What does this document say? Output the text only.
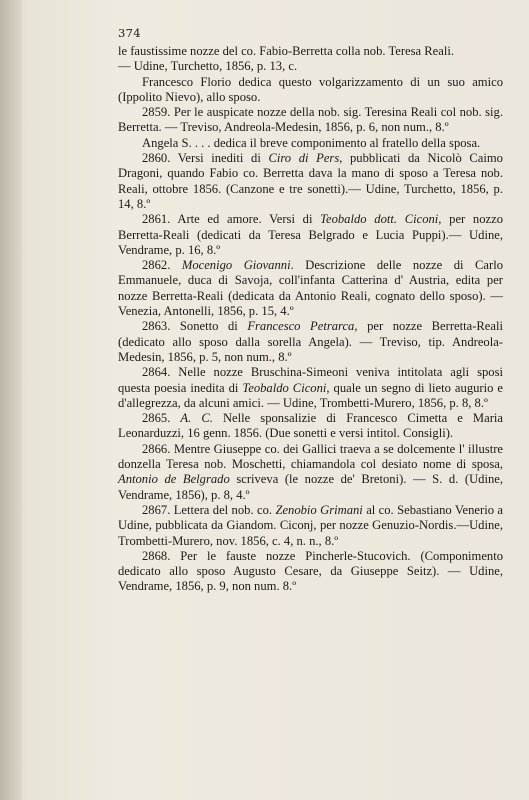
374

le faustissime nozze del co. Fabio-Berretta colla nob. Teresa Reali.

— Udine, Turchetto, 1856, p. 13, c.

Francesco Florio dedica questo volgarizzamento di un suo amico (Ippolito Nievo), allo sposo.

2859. Per le auspicate nozze della nob. sig. Teresina Reali col nob. sig. Berretta. — Treviso, Andreola-Medesin, 1856, p. 6, non num., 8.º

Angela S. . . . dedica il breve componimento al fratello della sposa.

2860. Versi inediti di Ciro di Pers, pubblicati da Nicolò Caimo Dragoni, quando Fabio co. Berretta dava la mano di sposo a Teresa nob. Reali, ottobre 1856. (Canzone e tre sonetti).— Udine, Turchetto, 1856, p. 14, 8.º

2861. Arte ed amore. Versi di Teobaldo dott. Ciconi, per nozzo Berretta-Reali (dedicati da Teresa Belgrado e Lucia Puppi).— Udine, Vendrame, p. 16, 8.º

2862. Mocenigo Giovanni. Descrizione delle nozze di Carlo Emmanuele, duca di Savoja, coll'infanta Catterina d' Austria, edita per nozze Berretta-Reali (dedicata da Antonio Reali, cognato dello sposo). — Venezia, Antonelli, 1856, p. 15, 4.º

2863. Sonetto di Francesco Petrarca, per nozze Berretta-Reali (dedicato allo sposo dalla sorella Angela). — Treviso, tip. Andreola-Medesin, 1856, p. 5, non num., 8.º

2864. Nelle nozze Bruschina-Simeoni veniva intitolata agli sposi questa poesia inedita di Teobaldo Ciconi, quale un segno di lieto augurio e d'allegrezza, da alcuni amici. — Udine, Trombetti-Murero, 1856, p. 8, 8.º

2865. A. C. Nelle sponsalizie di Francesco Cimetta e Maria Leonarduzzi, 16 genn. 1856. (Due sonetti e versi intitol. Consigli).

2866. Mentre Giuseppe co. dei Gallici traeva a se dolcemente l' illustre donzella Teresa nob. Moschetti, chiamandola col desiato nome di sposa, Antonio de Belgrado scriveva (le nozze de' Bretoni). — S. d. (Udine, Vendrame, 1856), p. 8, 4.º

2867. Lettera del nob. co. Zenobio Grimani al co. Sebastiano Venerio a Udine, pubblicata da Giandom. Ciconj, per nozze Genuzio-Nordis.—Udine, Trombetti-Murero, nov. 1856, c. 4, n. n., 8.º

2868. Per le fauste nozze Pincherle-Stucovich. (Componimento dedicato allo sposo Augusto Cesare, da Giuseppe Seitz). — Udine, Vendrame, 1856, p. 9, non num. 8.º
